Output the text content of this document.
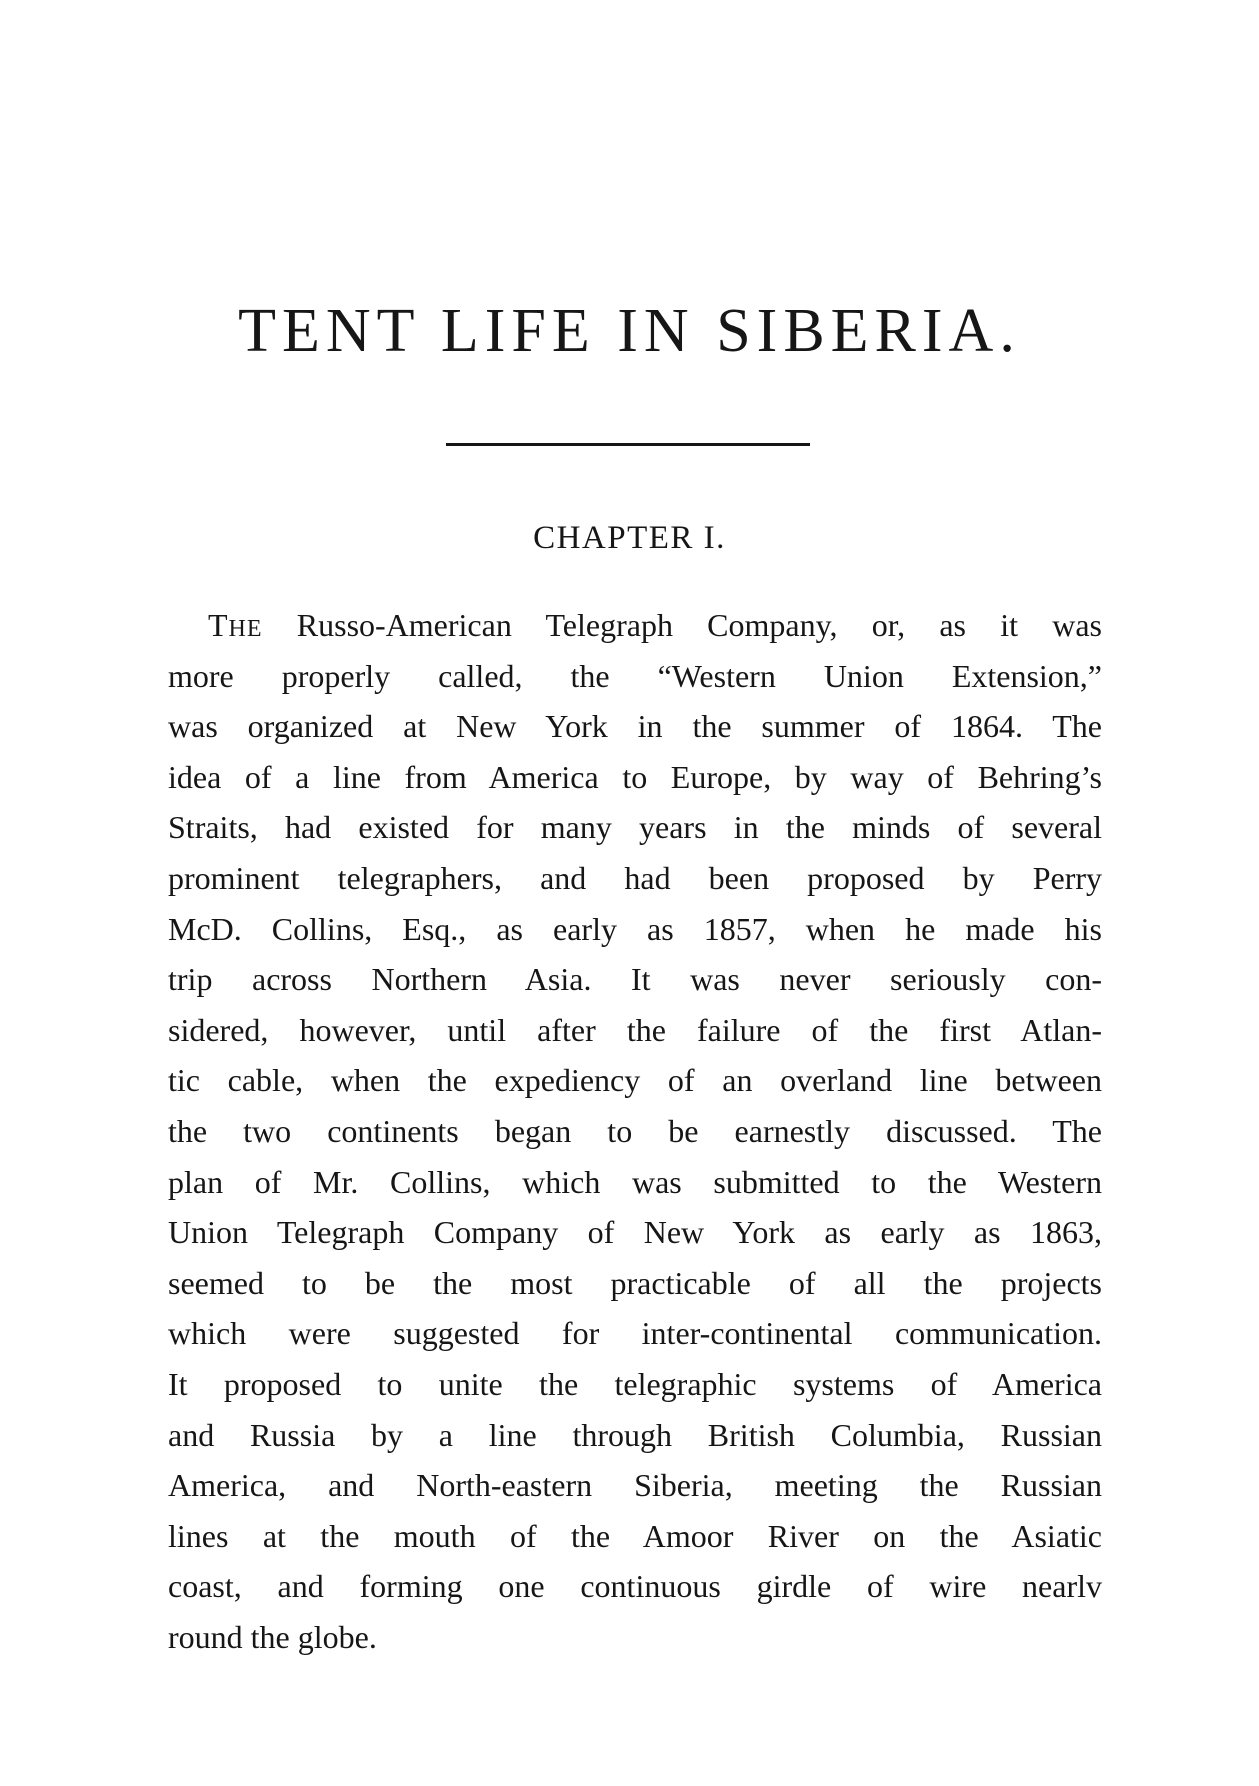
TENT LIFE IN SIBERIA.
CHAPTER I.
THE Russo-American Telegraph Company, or, as it was
more properly called, the “Western Union Extension,”
was organized at New York in the summer of 1864. The
idea of a line from America to Europe, by way of Behring’s
Straits, had existed for many years in the minds of several
prominent telegraphers, and had been proposed by Perry
McD. Collins, Esq., as early as 1857, when he made his
trip across Northern Asia. It was never seriously con-
sidered, however, until after the failure of the first Atlan-
tic cable, when the expediency of an overland line between
the two continents began to be earnestly discussed. The
plan of Mr. Collins, which was submitted to the Western
Union Telegraph Company of New York as early as 1863,
seemed to be the most practicable of all the projects
which were suggested for inter-continental communication.
It proposed to unite the telegraphic systems of America
and Russia by a line through British Columbia, Russian
America, and North-eastern Siberia, meeting the Russian
lines at the mouth of the Amoor River on the Asiatic
coast, and forming one continuous girdle of wire nearlv
round the globe.
